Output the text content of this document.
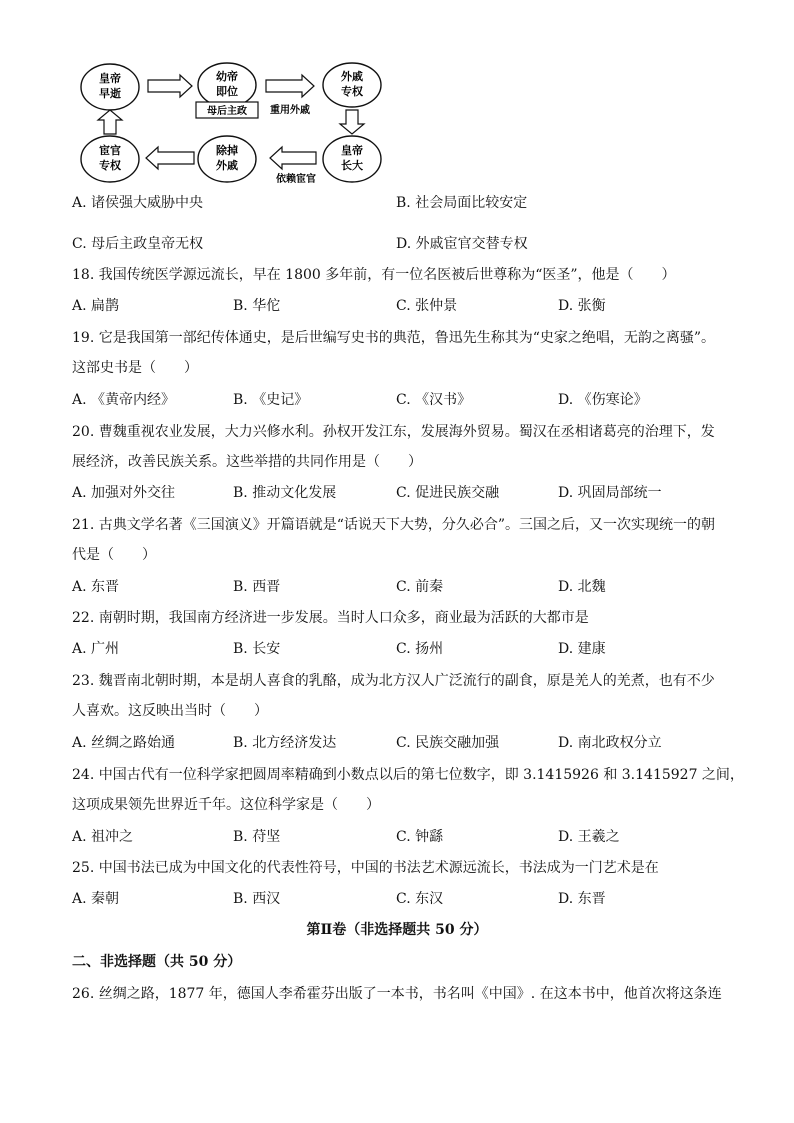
皇帝
早逝
幼帝
即位
母后主政 重用外戚
外戚
专权
宦官
专权
除掉
外戚
依赖宦官
皇帝
长大
A. 诸侯强大威胁中央	B. 社会局面比较安定
C. 母后主政皇帝无权	D. 外戚宦官交替专权
18. 我国传统医学源远流长，早在 1800 多年前，有一位名医被后世尊称为“医圣”，他是（　　）
A. 扁鹊	B. 华佗	C. 张仲景	D. 张衡
19. 它是我国第一部纪传体通史，是后世编写史书的典范，鲁迅先生称其为“史家之绝唱，无韵之离骚”。
这部史书是（　　）
A. 《黄帝内经》	B. 《史记》	C. 《汉书》	D. 《伤寒论》
20. 曹魏重视农业发展，大力兴修水利。孙权开发江东，发展海外贸易。蜀汉在丞相诸葛亮的治理下，发
展经济，改善民族关系。这些举措的共同作用是（　　）
A. 加强对外交往	B. 推动文化发展	C. 促进民族交融	D. 巩固局部统一
21. 古典文学名著《三国演义》开篇语就是“话说天下大势，分久必合”。三国之后，又一次实现统一的朝
代是（　　）
A. 东晋	B. 西晋	C. 前秦	D. 北魏
22. 南朝时期，我国南方经济进一步发展。当时人口众多，商业最为活跃的大都市是
A. 广州	B. 长安	C. 扬州	D. 建康
23. 魏晋南北朝时期，本是胡人喜食的乳酪，成为北方汉人广泛流行的副食，原是羌人的羌煮，也有不少
人喜欢。这反映出当时（　　）
A. 丝绸之路始通	B. 北方经济发达	C. 民族交融加强	D. 南北政权分立
24. 中国古代有一位科学家把圆周率精确到小数点以后的第七位数字，即 3.1415926 和 3.1415927 之间，
这项成果领先世界近千年。这位科学家是（　　）
A. 祖冲之	B. 苻坚	C. 钟繇	D. 王羲之
25. 中国书法已成为中国文化的代表性符号，中国的书法艺术源远流长，书法成为一门艺术是在
A. 秦朝	B. 西汉	C. 东汉	D. 东晋
第Ⅱ卷（非选择题共 50 分）
二、非选择题（共 50 分）
26. 丝绸之路，1877 年，德国人李希霍芬出版了一本书，书名叫《中国》. 在这本书中，他首次将这条连
